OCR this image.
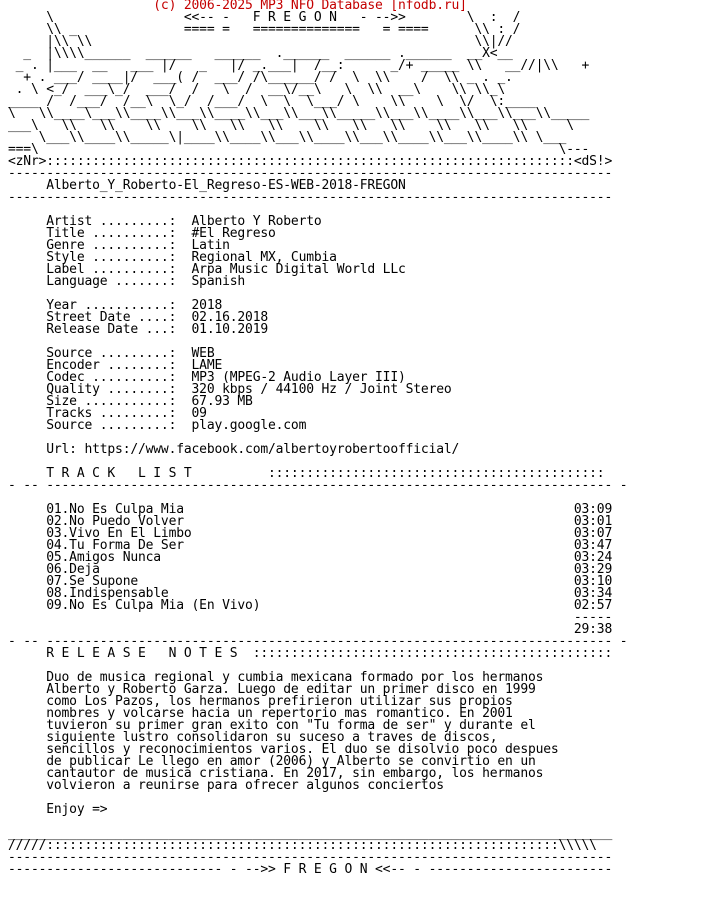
(c) 2006-2025 MP3 NFO Database [nfodb.ru]
\                 <<-- -   F R E G O N   - -->>        \  :  /
\\ _              ==== =   ==============   = ====      \\ : /
|\\ \\                                                  \\|//
_  |\\\\______  ______   ______  .______  ______ .______  __X<__
_ . |___  __   ___ |/   _   |/ _.___|  /__:      _/+ _____ \\   __//|\\   +
+ . ___/ ____|/  ___( /  ___/ /\______/ /  \  \\    /  \\ _ . _.
. \ <_/  ___\_/  ___/  /   \  /  __\/__\   \  \\  __\    \\ \\_\
____ /  /___/  /__\  \_/  /___/  \  \  \___/ \    \\    \  \/  \:____
\   \\____\___\\____\\___\\____\\___\\___\\_____\\___\\____\\___\\___\\_____
___\   \\   \\    \\    \\   \\   \\    \\   \\   \\    \\   \\   \\     \
\___\\____\\_____\|____\\____\\___\\____\\___\\____\\___\\____\\ \___
===\                                                                    \---
<zNr>:::::::::::::::::::::::::::::::::::::::::::::::::::::::::::::::::::::<dS!>
-------------------------------------------------------------------------------
Alberto_Y_Roberto-El_Regreso-ES-WEB-2018-FREGON
-------------------------------------------------------------------------------

Artist .........:  Alberto Y Roberto
Title ..........:  #El Regreso
Genre ..........:  Latin
Style ..........:  Regional MX, Cumbia
Label ..........:  Arpa Music Digital World LLc
Language .......:  Spanish

Year ...........:  2018
Street Date ....:  02.16.2018
Release Date ...:  01.10.2019

Source .........:  WEB
Encoder ........:  LAME
Codec ..........:  MP3 (MPEG-2 Audio Layer III)
Quality ........:  320 kbps / 44100 Hz / Joint Stereo
Size ...........:  67.93 MB
Tracks .........:  09
Source .........:  play.google.com

Url: https://www.facebook.com/albertoyrobertoofficial/

T R A C K   L I S T          ::::::::::::::::::::::::::::::::::::::::::::
- -- -------------------------------------------------------------------------- -

01.No Es Culpa Mia                                                   03:09
02.No Puedo Volver                                                   03:01
03.Vivo En El Limbo                                                  03:07
04.Tu Forma De Ser                                                   03:47
05.Amigos Nunca                                                      03:24
06.Deja                                                              03:29
07.Se Supone                                                         03:10
08.Indispensable                                                     03:34
09.No Es Culpa Mia (En Vivo)                                         02:57
-----
29:38
- -- -------------------------------------------------------------------------- -
R E L E A S E   N O T E S  :::::::::::::::::::::::::::::::::::::::::::::::

Duo de musica regional y cumbia mexicana formado por los hermanos
Alberto y Roberto Garza. Luego de editar un primer disco en 1999
como Los Pazos, los hermanos prefirieron utilizar sus propios
nombres y volcarse hacia un repertorio mas romantico. En 2001
tuvieron su primer gran exito con "Tu forma de ser" y durante el
siguiente lustro consolidaron su suceso a traves de discos,
sencillos y reconocimientos varios. El duo se disolvio poco despues
de publicar Le llego en amor (2006) y Alberto se convirtio en un
cantautor de musica cristiana. En 2017, sin embargo, los hermanos
volvieron a reunirse para ofrecer algunos conciertos

Enjoy =>

_______________________________________________________________________________
/////:::::::::::::::::::::::::::::::::::::::::::::::::::::::::::::::::::\\\\\
-------------------------------------------------------------------------------
---------------------------- - -->> F R E G O N <<-- - ------------------------
